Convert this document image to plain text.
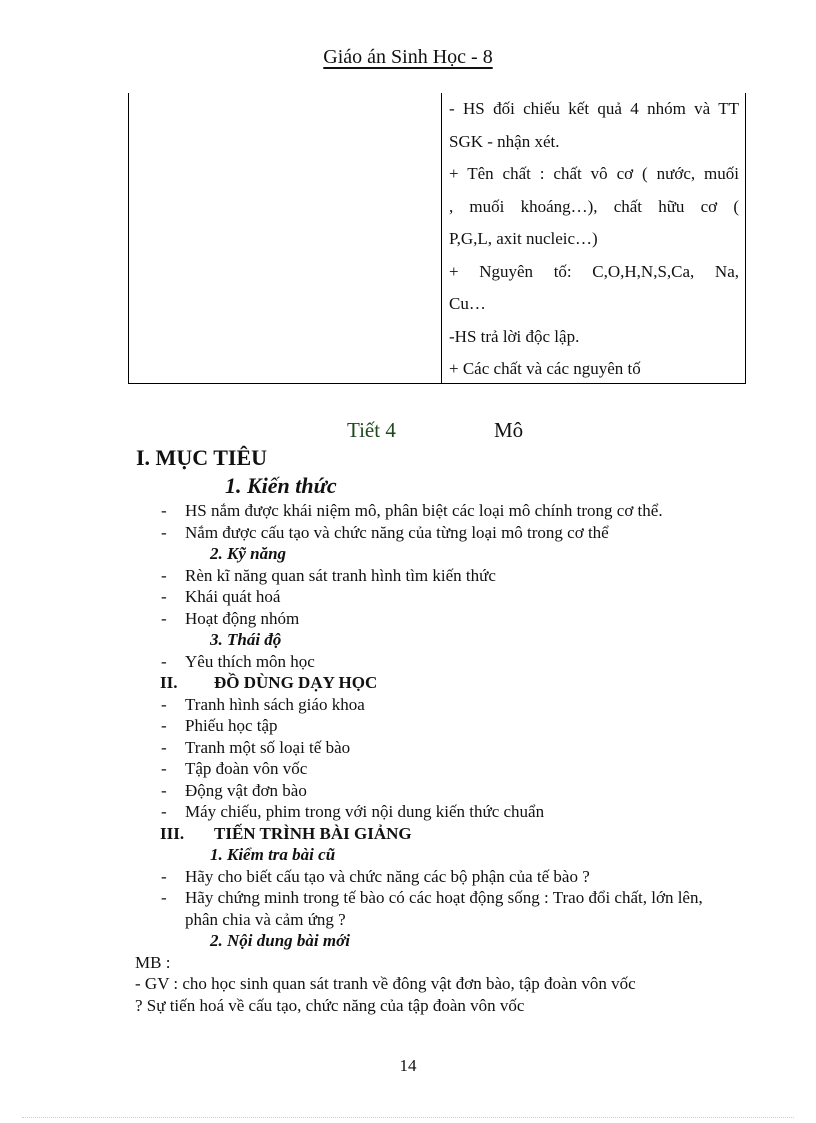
Giáo án Sinh Học - 8

- HS đối chiếu kết quả 4 nhóm và TT

SGK - nhận xét.

+ Tên chất : chất vô cơ ( nước, muối

, muối khoáng…), chất hữu cơ (

P,G,L, axit nucleic…)

+ Nguyên tố: C,O,H,N,S,Ca, Na,

Cu…

-HS trả lời độc lập.

+ Các chất và các nguyên tố

Tiết 4	Mô
I. MỤC TIÊU
1. Kiến thức
- HS nắm được khái niệm mô, phân biệt các loại mô chính trong cơ thể.
- Nắm được cấu tạo và chức năng của từng loại mô trong cơ thể
2. Kỹ năng
- Rèn kĩ năng quan sát tranh hình tìm kiến thức
- Khái quát hoá
- Hoạt động nhóm
3. Thái độ
- Yêu thích môn học
II. ĐỒ DÙNG DẠY HỌC
- Tranh hình sách giáo khoa
- Phiếu học tập
- Tranh một số loại tế bào
- Tập đoàn vôn vốc
- Động vật đơn bào
- Máy chiếu, phim trong với nội dung kiến thức chuẩn
III. TIẾN TRÌNH BÀI GIẢNG
1. Kiểm tra bài cũ
- Hãy cho biết cấu tạo và chức năng các bộ phận của tế bào ?
- Hãy chứng minh trong tế bào có các hoạt động sống : Trao đổi chất, lớn lên, phân chia và cảm ứng ?
2. Nội dung bài mới
MB :
- GV : cho học sinh quan sát tranh về đông vật đơn bào, tập đoàn vôn vốc
? Sự tiến hoá về cấu tạo, chức năng của tập đoàn vôn vốc
14
